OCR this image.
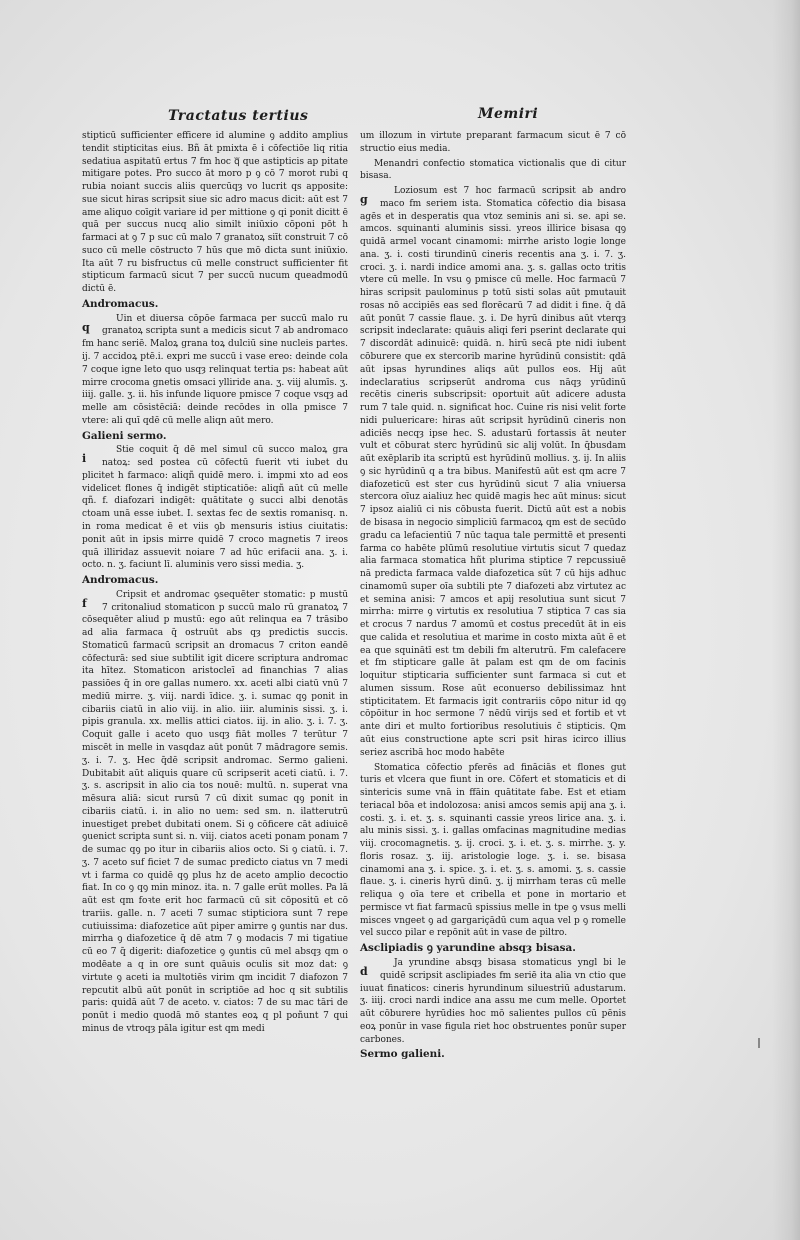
Tractatus tertius	Memiri

stipticū sufficienter efficere id alumine ꝯ addito amplius tendit stipticitas eius. Bñ āt pmixta ē i cōfectiōe liq ritia sedatiua aspitatū ertus 7 fm hoc qᷓ que astipticis ap pitate mitigare potes. Pro succo āt moro p ꝯ cō 7 morot rubi q rubia noiant succis aliis quercūqȝ vo lucrit qs apposite: sue sicut hiras scripsit siue sic adro macus dicit: aūt est 7 ame aliquo coīgit variare id per mittione ꝯ qi ponit dicitt ē quā per succus nucq alio similt iniūxio cōponi pōt h farmaci at ꝯ 7 p suc cū malo 7 granatoꝝ siīt construit 7 cō suco cū melle cōstructo 7 hūs que mō dicta sunt iniūxio. Ita aūt 7 ru bisfructus cū melle construct sufficienter fit stipticum farmacū sicut 7 per succū nucum queadmodū dictū ē.

Andromacus.

q
Uin et diuersa cōpōe farmaca per succū malo ru granatoꝝ scripta sunt a medicis sicut 7 ab andromaco fm hanc seriē. Maloꝝ grana toꝝ dulciū sine nucleis partes. ij. 7 accidoꝝ ptē.i. expri me succū i vase ereo: deinde cola 7 coque igne leto quo usqȝ relinquat tertia ps: habeat aūt mirre crocoma gnetis omsaci ylliride ana. ʒ. viij alumīs. ʒ. iiij. galle. ʒ. ii. hīs infunde liquore pmisce 7 coque vsqȝ ad melle am cōsistēciā: deinde recōdes in olla pmisce 7 vtere: ali quī qdē cū melle aliqn aūt mero.

Galieni sermo.

i
Stie coquit q̄ dē mel simul cū succo maloꝝ gra natoꝝ: sed postea cū cōfectū fuerit vti iubet du plicitet h farmaco: aliqñ quidē mero. i. impmi xto ad eos videlicet flones q̄ indigēt stipticatiōe: aliqñ aūt cū melle qñ. f. diafozari indigēt: quātitate ꝯ succi albi denotās ctoam unā esse iubet. I. sextas fec de sextis romanisq. n. in roma medicat ē et viis ꝯb mensuris istius ciuitatis: ponit aūt in ipsis mirre quidē 7 croco magnetis 7 ireos quā illiridaz assuevit noiare 7 ad hūc erifacii ana. ʒ. i. octo. n. ʒ. faciunt lī. aluminis vero sissi media. ʒ.

Andromacus.

f
Cripsit et andromac ꝯsequēter stomatic: p mustū 7 critonaliud stomaticon p succū malo rū granatoꝝ 7 cōsequēter aliud p mustū: ego aūt relinqua ea 7 trāsibo ad alia farmaca q̄ ostruūt abs qȝ predictis succis. Stomaticū farmacū scripsit an dromacus 7 criton eandē cōfecturā: sed siue subtilit igit dicere scriptura andromac ita hītez. Stomaticon aristocleī ad financhias 7 alias passiōes q̄ in ore gallas numero. xx. aceti albi ciatū vnū 7 mediū mirre. ʒ. viij. nardi īdice. ʒ. i. sumac qꝯ ponit in cibariis ciatū in alio viij. in alio. iiir. aluminis sissi. ʒ. i. pipis granula. xx. mellis attici ciatos. iij. in alio. ʒ. i. 7. ʒ. Coquit galle i aceto quo usqȝ fiāt molles 7 terūtur 7 miscēt in melle in vasqdaz aūt ponūt 7 mādragore semis. ʒ. i. 7. ʒ. Hec q̄dē scripsit andromac. Sermo galieni. Dubitabit aūt aliquis quare cū scripserit aceti ciatū. i. 7. ʒ. s. ascripsit in alio cia tos nouē: multū. n. superat vna mēsura aliā: sicut rursū 7 cū dixit sumac qꝯ ponit in cibariis ciatū. i. in alio no uem: sed sm. n. ilatterutrū inuestiget prebet dubitati onem. Si ꝯ cōficere cāt adiuicē ꝯuenict scripta sunt si. n. viij. ciatos aceti ponam ponam 7 de sumac qꝯ po itur in cibariis alios octo. Si ꝯ ciatū. i. 7. ʒ. 7 aceto suf ficiet 7 de sumac predicto ciatus vn 7 medi vt i farma co quidē qꝯ plus hz de aceto amplio decoctio fiat. In co ꝯ qꝯ min minoz. ita. n. 7 galle erūt molles. Pa lā aūt est qm foꝛte erit hoc farmacū cū sit cōpositū et cō trariis. galle. n. 7 aceti 7 sumac stipticiora sunt 7 repe cutiuissima: diafozetice aūt piper amirre ꝯ ꝯuntis nar dus. mirrha ꝯ diafozetice q̄ dē atm 7 ꝯ modacis 7 mi tigatiue cū eo 7 q̄ digerit: diafozetice ꝯ ꝯuntis cū mel absqȝ qm o modēate a q in ore sunt quāuis oculis sit moz dat: ꝯ virtute ꝯ aceti ia multotiēs virim qm incidit 7 diafozon 7 repcutit albū aūt ponūt in scriptiōe ad hoc q sit subtilis paris: quidā aūt 7 de aceto. v. ciatos: 7 de su mac tāri de ponūt i medio quodā mō stantes eoꝝ q pl poñunt 7 qui minus de vtroqȝ pāla igitur est qm medi

um illozum in virtute preparant farmacum sicut ē 7 cō structio eius media.

Menandri confectio stomatica victionalis que di citur bisasa.

g
Loziosum est 7 hoc farmacū scripsit ab andro maco fm seriem ista. Stomatica cōfectio dia bisasa agēs et in desperatis qua vtoz seminis ani si. se. api se. amcos. squinanti aluminis sissi. yreos illirice bisasa qꝯ quidā armel vocant cinamomi: mirrhe aristo logie longe ana. ʒ. i. costi tirundinū cineris recentis ana ʒ. i. 7. ʒ. croci. ʒ. i. nardi indice amomi ana. ʒ. s. gallas octo tritis vtere cū melle. In vsu ꝯ pmisce cū melle. Hoc farmacū 7 hiras scripsit paulominus p totū sisti solas aūt pmutauit rosas nō accipiēs eas sed florēcarū 7 ad didit i fine. q̄ dā aūt ponūt 7 cassie flaue. ʒ. i. De hyrū dinibus aūt vterqȝ scripsit indeclarate: quāuis aliqi feri pserint declarate qui 7 discordāt adinuicē: quidā. n. hirū secā pte nidi iubent cōburere que ex stercorib marine hyrūdinū consistit: qdā aūt ipsas hyrundines aliqs aūt pullos eos. Hij aūt indeclaratius scripserūt androma cus nāqȝ yrūdinū recētis cineris subscripsit: oportuit aūt adicere adusta rum 7 tale quid. n. significat hoc. Cuine ris nisi velit forte nidi puluericare: hiras aūt scripsit hyrūdinū cineris non adiciēs necqȝ ipse hec. S. adustarū fortassis āt neuter vult et cōburat sterc hyrūdinū sic alij volūt. In q̄busdam aūt exēplarib ita scriptū est hyrūdinū mollius. ʒ. ij. In aliis ꝯ sic hyrūdinū q a tra bibus. Manifestū aūt est qm acre 7 diafozeticū est ster cus hyrūdinū sicut 7 alia vniuersa stercora oīuz aialiuz hec quidē magis hec aūt minus: sicut 7 ipsoz aialiū ci nis cōbusta fuerit. Dictū aūt est a nobis de bisasa in negocio simpliciū farmacoꝝ qm est de secūdo gradu ca lefacientiū 7 nūc taqua tale permittē et presenti farma co habēte plūmū resolutiue virtutis sicut 7 quedaz alia farmaca stomatica hñt plurima stiptice 7 repcussiuē nā predicta farmaca valde diafozetica sūt 7 cū hijs adhuc cinamomū super oīa subtili pte 7 diafozeti abz virtutez ac et semina anisi: 7 amcos et apij resolutiua sunt sicut 7 mirrha: mirre ꝯ virtutis ex resolutiua 7 stiptica 7 cas sia et crocus 7 nardus 7 amomū et costus precedūt āt in eis que calida et resolutiua et marime in costo mixta aūt ē et ea que squinātī est tm debili fm alterutrū. Fm calefacere et fm stipticare galle āt palam est qm de om facinis loquitur stipticaria sufficienter sunt farmaca si cut et alumen sissum. Rose aūt econuerso debilissimaz hnt stipticitatem. Et farmacis igit contrariis cōpo nitur id qꝯ cōpōitur in hoc sermone 7 nēdū virijs sed et fortib et vt ante diri et multo fortioribus resolutiuis c̄ stipticis. Qm aūt eius constructione apte scri psit hiras icirco illius seriez ascribā hoc modo habēte

Stomatica cōfectio pferēs ad fināciās et flones gut turis et vlcera que fiunt in ore. Cōfert et stomaticis et di sintericis sume vnā in ffāin quātitate fabe. Est et etiam teriacal bōa et indolozosa: anisi amcos semis apij ana ʒ. i. costi. ʒ. i. et. ʒ. s. squinanti cassie yreos lirice ana. ʒ. i. alu minis sissi. ʒ. i. gallas omfacinas magnitudine medias viij. crocomagnetis. ʒ. ij. croci. ʒ. i. et. ʒ. s. mirrhe. ʒ. y. floris rosaz. ʒ. iij. aristologie loge. ʒ. i. se. bisasa cinamomi ana ʒ. i. spice. ʒ. i. et. ʒ. s. amomi. ʒ. s. cassie flaue. ʒ. i. cineris hyrū dinū. ʒ. ij mirrham teras cū melle reliqua ꝯ oīa tere et cribella et pone in mortario et permisce vt fiat farmacū spissius melle in tpe ꝯ vsus melli misces vngeet ꝯ ad gargariçādū cum aqua vel p ꝯ romelle vel succo pilar e repōnit aūt in vase de piltro.

Asclipiadis ꝯ yarundine absqȝ bisasa.

d
Ja yrundine absqȝ bisasa stomaticus yngl bi le quidē scripsit asclipiades fm seriē ita alia vn ctio que iuuat finaticos: cineris hyrundinum siluestriū adustarum. ʒ. iiij. croci nardi indice ana assu me cum melle. Oportet aūt cōburere hyrūdies hoc mō salientes pullos cū pēnis eoꝝ ponūr in vase figula riet hoc obstruentes ponūr super carbones.

Sermo galieni.
